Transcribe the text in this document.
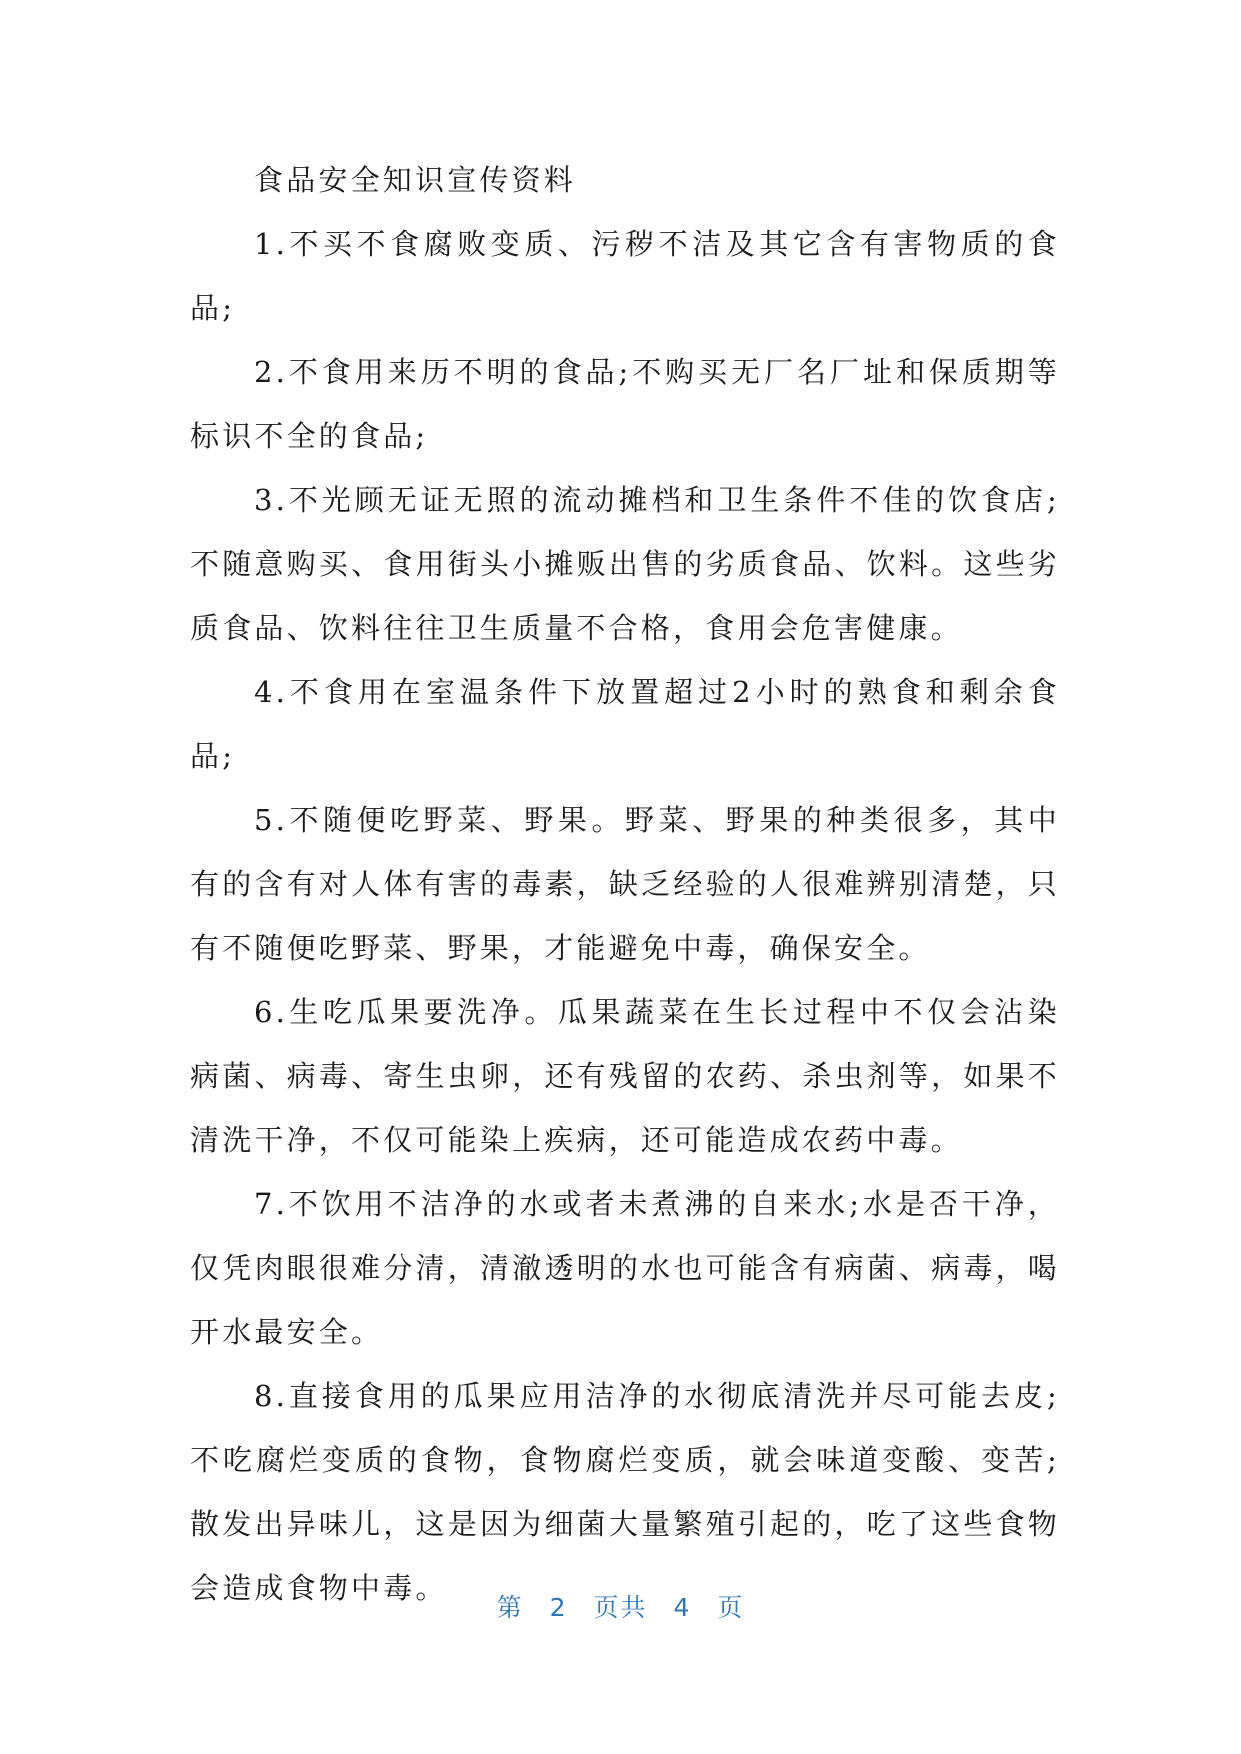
食品安全知识宣传资料

1.不买不食腐败变质、污秽不洁及其它含有害物质的食品;

2.不食用来历不明的食品;不购买无厂名厂址和保质期等标识不全的食品;

3.不光顾无证无照的流动摊档和卫生条件不佳的饮食店;不随意购买、食用街头小摊贩出售的劣质食品、饮料。这些劣质食品、饮料往往卫生质量不合格，食用会危害健康。

4.不食用在室温条件下放置超过2小时的熟食和剩余食品;

5.不随便吃野菜、野果。野菜、野果的种类很多，其中有的含有对人体有害的毒素，缺乏经验的人很难辨别清楚，只有不随便吃野菜、野果，才能避免中毒，确保安全。

6.生吃瓜果要洗净。瓜果蔬菜在生长过程中不仅会沾染病菌、病毒、寄生虫卵，还有残留的农药、杀虫剂等，如果不清洗干净，不仅可能染上疾病，还可能造成农药中毒。

7.不饮用不洁净的水或者未煮沸的自来水;水是否干净，仅凭肉眼很难分清，清澈透明的水也可能含有病菌、病毒，喝开水最安全。

8.直接食用的瓜果应用洁净的水彻底清洗并尽可能去皮;不吃腐烂变质的食物，食物腐烂变质，就会味道变酸、变苦;散发出异味儿，这是因为细菌大量繁殖引起的，吃了这些食物会造成食物中毒。

第 2 页共 4 页
